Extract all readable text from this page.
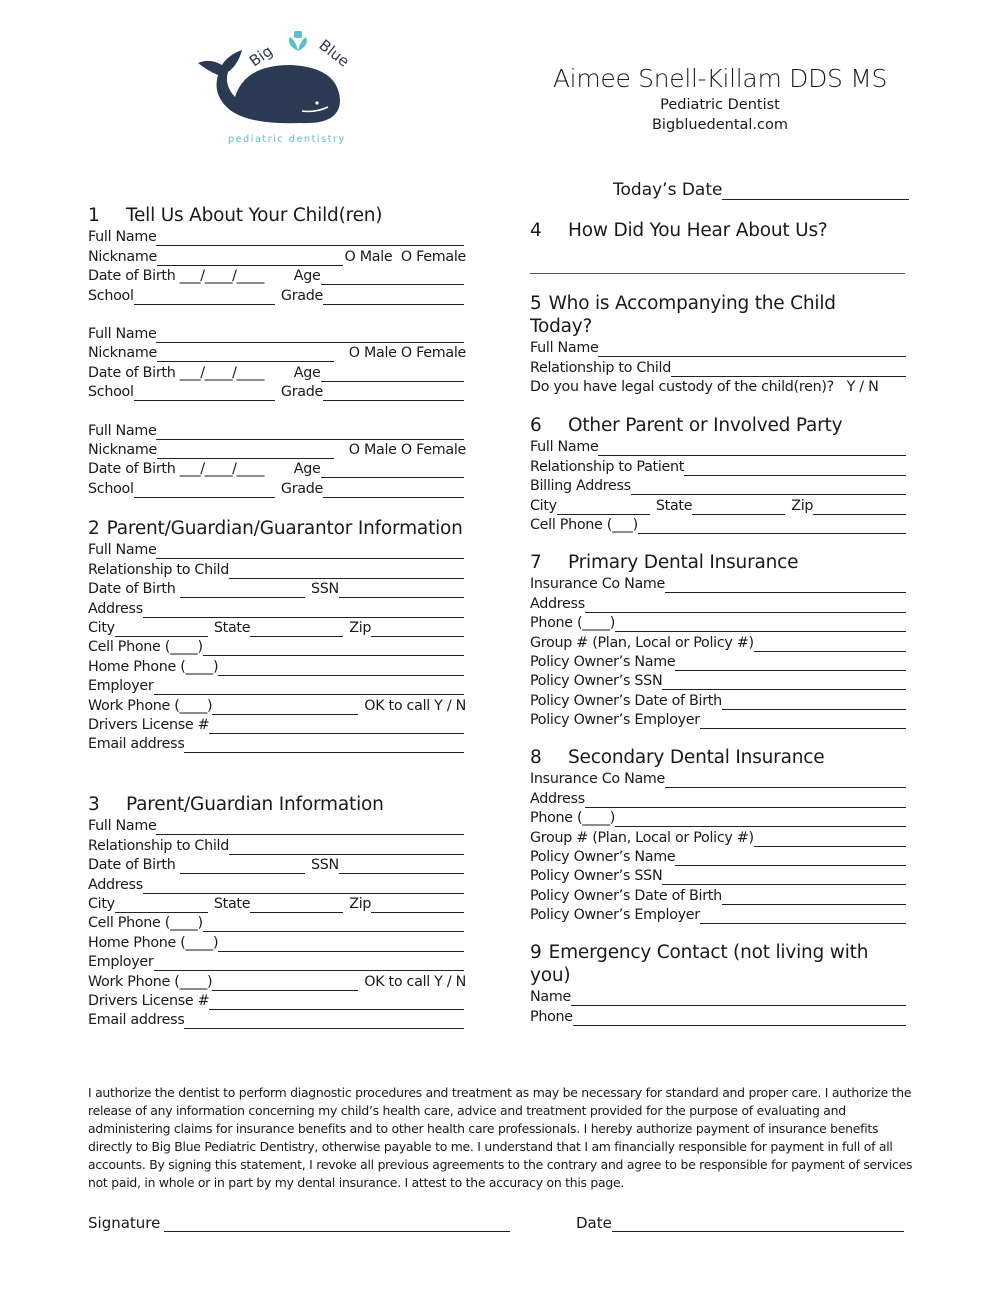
Big	Blue
pediatric dentistry
Aimee Snell-Killam DDS MS
Pediatric Dentist
Bigbluedental.com
Today’s Date
1 Tell Us About Your Child(ren)
Full Name
Nickname	O Male  O Female
Date of Birth ___/____/____ Age
School	Grade
Full Name
Nickname	O Male O Female
Date of Birth ___/____/____ Age
School	Grade
Full Name
Nickname	O Male O Female
Date of Birth ___/____/____ Age
School	Grade
2 Parent/Guardian/Guarantor Information
Full Name
Relationship to Child
Date of Birth	SSN
Address
City	State	Zip
Cell Phone (____)
Home Phone (____)
Employer
Work Phone (____)	OK to call Y / N
Drivers License #
Email address
3 Parent/Guardian Information
Full Name
Relationship to Child
Date of Birth	SSN
Address
City	State	Zip
Cell Phone (____)
Home Phone (____)
Employer
Work Phone (____)	OK to call Y / N
Drivers License #
Email address
4 How Did You Hear About Us?
5 Who is Accompanying the Child Today?
Full Name
Relationship to Child
Do you have legal custody of the child(ren)?   Y / N
6 Other Parent or Involved Party
Full Name
Relationship to Patient
Billing Address
City	State	Zip
Cell Phone (___)
7 Primary Dental Insurance
Insurance Co Name
Address
Phone (____)
Group # (Plan, Local or Policy #)
Policy Owner’s Name
Policy Owner’s SSN
Policy Owner’s Date of Birth
Policy Owner’s Employer
8 Secondary Dental Insurance
Insurance Co Name
Address
Phone (____)
Group # (Plan, Local or Policy #)
Policy Owner’s Name
Policy Owner’s SSN
Policy Owner’s Date of Birth
Policy Owner’s Employer
9 Emergency Contact (not living with you)
Name
Phone
I authorize the dentist to perform diagnostic procedures and treatment as may be necessary for standard and proper care. I authorize the release of any information concerning my child’s health care, advice and treatment provided for the purpose of evaluating and administering claims for insurance benefits and to other health care professionals. I hereby authorize payment of insurance benefits directly to Big Blue Pediatric Dentistry, otherwise payable to me. I understand that I am financially responsible for payment in full of all accounts. By signing this statement, I revoke all previous agreements to the contrary and agree to be responsible for payment of services not paid, in whole or in part by my dental insurance. I attest to the accuracy on this page.
Signature	Date
